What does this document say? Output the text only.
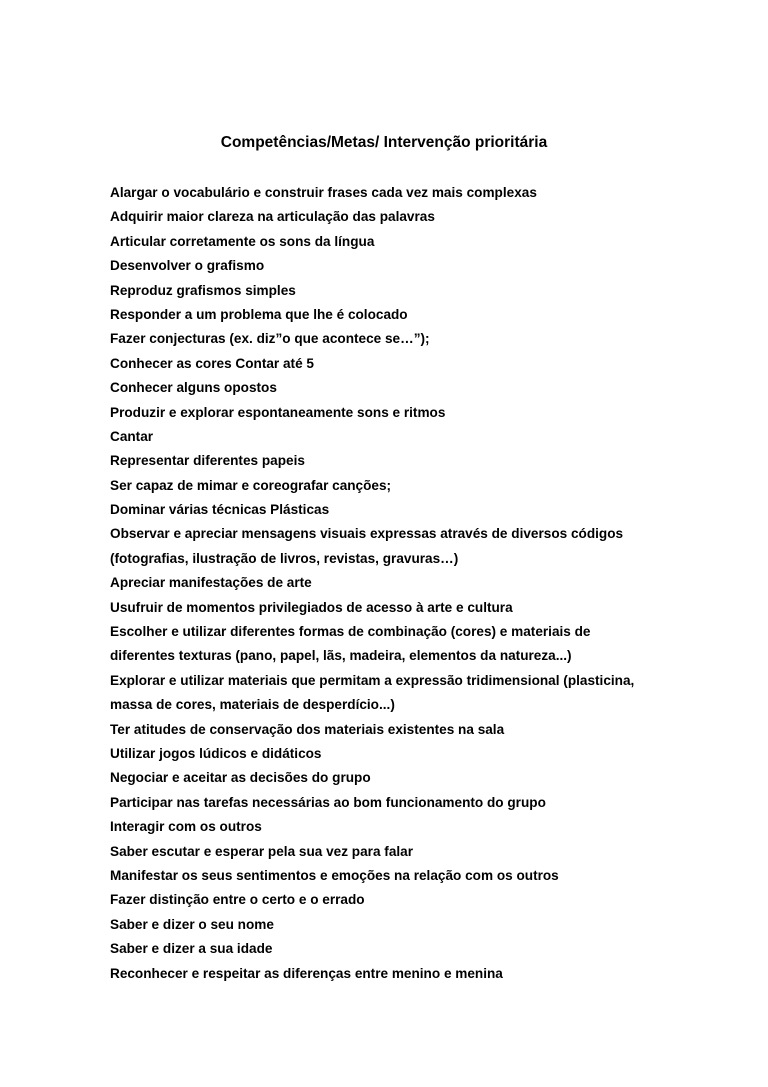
Competências/Metas/ Intervenção prioritária
Alargar o vocabulário e construir frases cada vez mais complexas
Adquirir maior clareza na articulação das palavras
Articular corretamente os sons da língua
Desenvolver o grafismo
Reproduz grafismos simples
Responder a um problema que lhe é colocado
Fazer conjecturas (ex. diz”o que acontece se…”);
Conhecer as cores Contar até 5
Conhecer alguns opostos
Produzir e explorar espontaneamente sons e ritmos
Cantar
Representar diferentes papeis
Ser capaz de mimar e coreografar canções;
Dominar várias técnicas Plásticas
Observar e apreciar mensagens visuais expressas através de diversos códigos
(fotografias, ilustração de livros, revistas, gravuras…)
Apreciar manifestações de arte
Usufruir de momentos privilegiados de acesso à arte e cultura
Escolher e utilizar diferentes formas de combinação (cores) e materiais de
diferentes texturas (pano, papel, lãs, madeira, elementos da natureza...)
Explorar e utilizar materiais que permitam a expressão tridimensional (plasticina,
massa de cores, materiais de desperdício...)
Ter atitudes de conservação dos materiais existentes na sala
Utilizar jogos lúdicos e didáticos
Negociar e aceitar as decisões do grupo
Participar nas tarefas necessárias ao bom funcionamento do grupo
Interagir com os outros
Saber escutar e esperar pela sua vez para falar
Manifestar os seus sentimentos e emoções na relação com os outros
Fazer distinção entre o certo e o errado
Saber e dizer o seu nome
Saber e dizer a sua idade
Reconhecer e respeitar as diferenças entre menino e menina
